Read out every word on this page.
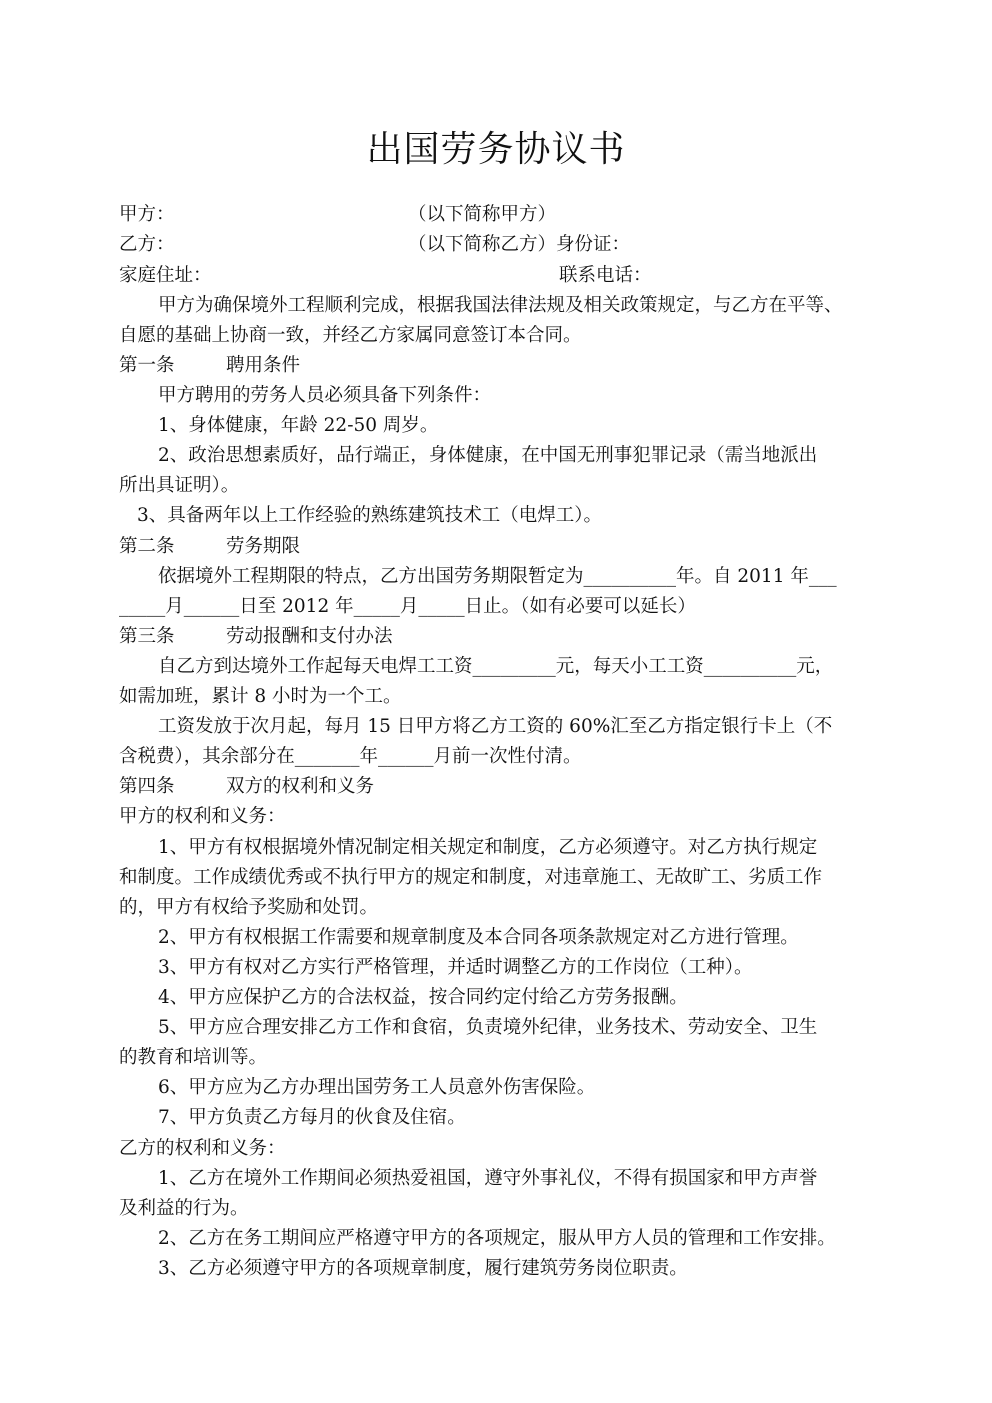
出国劳务协议书
甲方：	（以下简称甲方）
乙方：	（以下简称乙方）身份证：
家庭住址：	联系电话：
甲方为确保境外工程顺利完成，根据我国法律法规及相关政策规定，与乙方在平等、
自愿的基础上协商一致，并经乙方家属同意签订本合同。
第一条	聘用条件
甲方聘用的劳务人员必须具备下列条件：
1、身体健康，年龄 22-50 周岁。
2、政治思想素质好，品行端正，身体健康，在中国无刑事犯罪记录（需当地派出
所出具证明）。
3、具备两年以上工作经验的熟练建筑技术工（电焊工）。
第二条	劳务期限
依据境外工程期限的特点，乙方出国劳务期限暂定为__________年。自 2011 年___
_____月______日至 2012 年_____月_____日止。（如有必要可以延长）
第三条	劳动报酬和支付办法
自乙方到达境外工作起每天电焊工工资_________元，每天小工工资__________元，
如需加班，累计 8 小时为一个工。
工资发放于次月起，每月 15 日甲方将乙方工资的 60%汇至乙方指定银行卡上（不
含税费），其余部分在_______年______月前一次性付清。
第四条	双方的权利和义务
甲方的权利和义务：
1、甲方有权根据境外情况制定相关规定和制度，乙方必须遵守。对乙方执行规定
和制度。工作成绩优秀或不执行甲方的规定和制度，对违章施工、无故旷工、劣质工作
的，甲方有权给予奖励和处罚。
2、甲方有权根据工作需要和规章制度及本合同各项条款规定对乙方进行管理。
3、甲方有权对乙方实行严格管理，并适时调整乙方的工作岗位（工种）。
4、甲方应保护乙方的合法权益，按合同约定付给乙方劳务报酬。
5、甲方应合理安排乙方工作和食宿，负责境外纪律，业务技术、劳动安全、卫生
的教育和培训等。
6、甲方应为乙方办理出国劳务工人员意外伤害保险。
7、甲方负责乙方每月的伙食及住宿。
乙方的权利和义务：
1、乙方在境外工作期间必须热爱祖国，遵守外事礼仪，不得有损国家和甲方声誉
及利益的行为。
2、乙方在务工期间应严格遵守甲方的各项规定，服从甲方人员的管理和工作安排。
3、乙方必须遵守甲方的各项规章制度，履行建筑劳务岗位职责。
